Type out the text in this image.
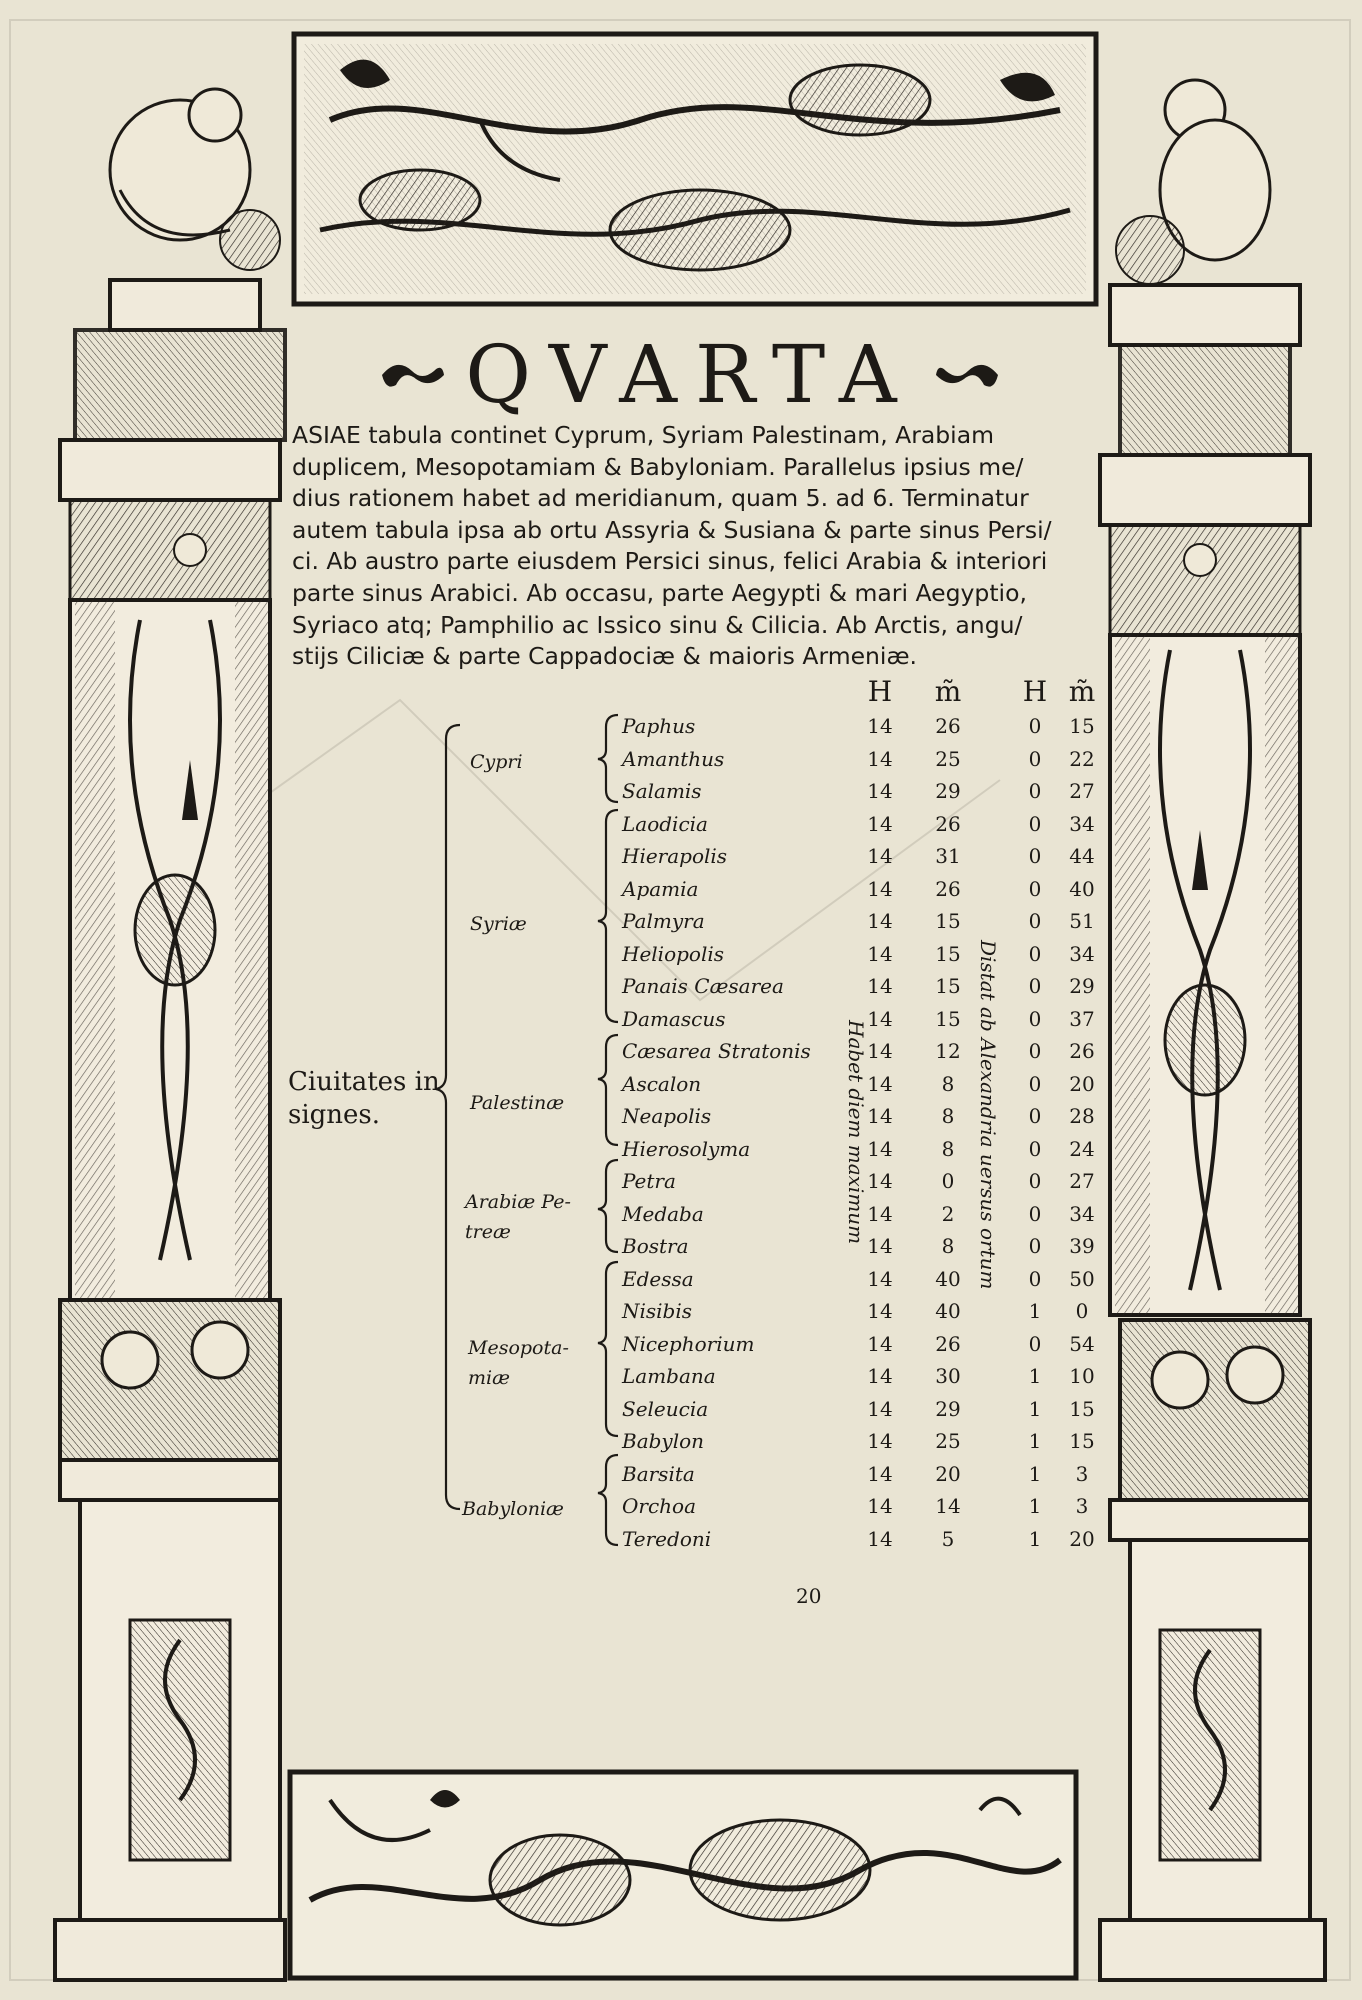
QVARTA

ASIAE tabula continet Cyprum, Syriam Palestinam, Arabiam

duplicem, Mesopotamiam & Babyloniam. Parallelus ipsius me/

dius rationem habet ad meridianum, quam 5. ad 6. Terminatur

autem tabula ipsa ab ortu Assyria & Susiana & parte sinus Persi/

ci. Ab austro parte eiusdem Persici sinus, felici Arabia & interiori

parte sinus Arabici. Ab occasu, parte Aegypti & mari Aegyptio,

Syriaco atq; Pamphilio ac Issico sinu & Cilicia. Ab Arctis, angu/

stijs Ciliciæ & parte Cappadociæ & maioris Armeniæ.

H m̃ H m̃
Ciuitates in
signes.
Paphus	14	26	0	15
Amanthus	14	25	0	22
Salamis	14	29	0	27
Cypri
Laodicia	14	26	0	34
Hierapolis	14	31	0	44
Apamia	14	26	0	40
Palmyra	14	15	0	51
Heliopolis	14	15	0	34
Panais Cæsarea	14	15	0	29
Damascus	14	15	0	37
Syriæ
Cæsarea Stratonis	14	12	0	26
Ascalon	14	8	0	20
Neapolis	14	8	0	28
Hierosolyma	14	8	0	24
Palestinæ
Petra	14	0	0	27
Medaba	14	2	0	34
Bostra	14	8	0	39
Arabiæ Pe-
treæ
Edessa	14	40	0	50
Nisibis	14	40	1	0
Nicephorium	14	26	0	54
Lambana	14	30	1	10
Seleucia	14	29	1	15
Babylon	14	25	1	15
Mesopota-
miæ
Barsita	14	20	1	3
Orchoa	14	14	1	3
Teredoni	14	5	1	20
Babyloniæ
Habet diem maximum	Distat ab Alexandria uersus ortum
20
